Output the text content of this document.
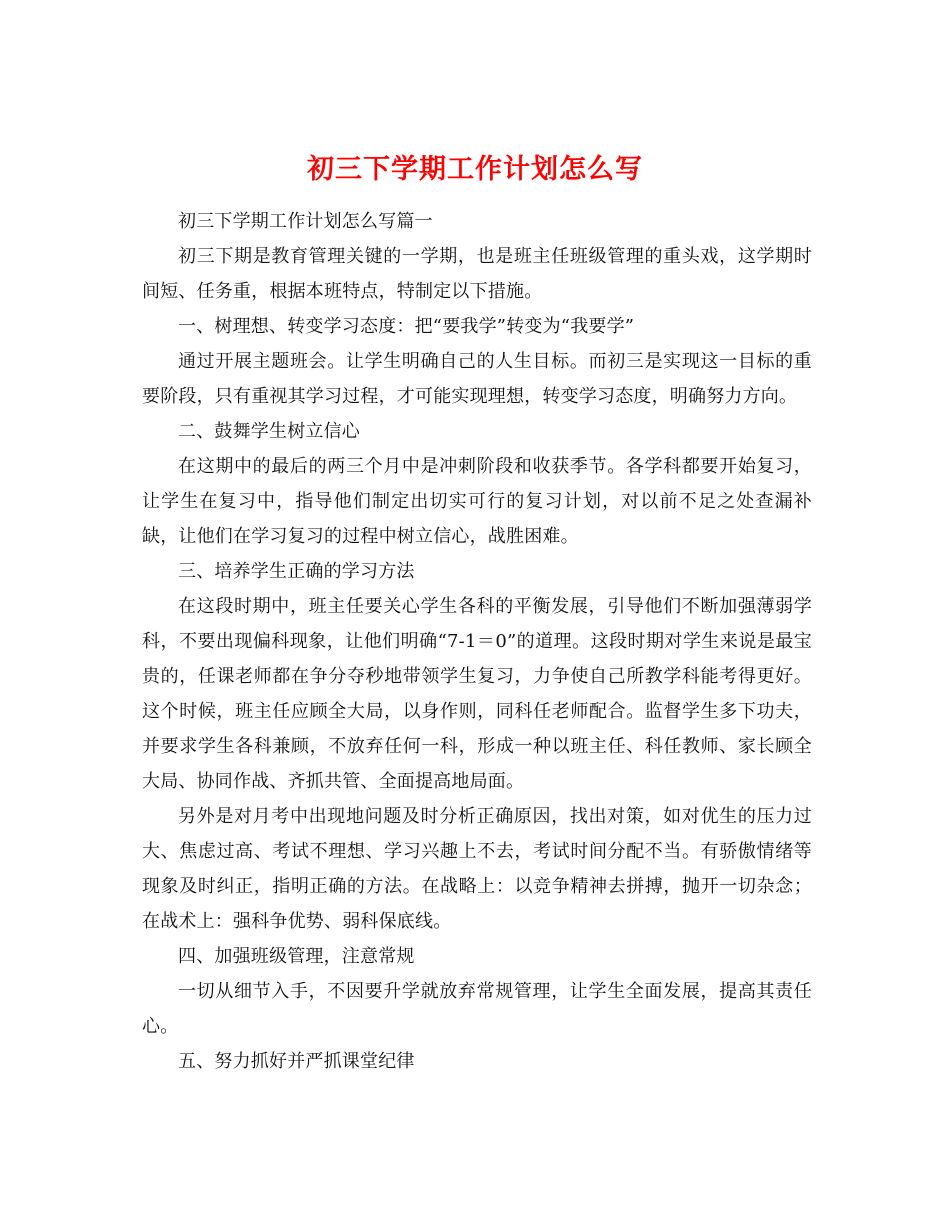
初三下学期工作计划怎么写

初三下学期工作计划怎么写篇一

初三下期是教育管理关键的一学期，也是班主任班级管理的重头戏，这学期时间短、任务重，根据本班特点，特制定以下措施。

一、树理想、转变学习态度：把“要我学”转变为“我要学”

通过开展主题班会。让学生明确自己的人生目标。而初三是实现这一目标的重要阶段，只有重视其学习过程，才可能实现理想，转变学习态度，明确努力方向。

二、鼓舞学生树立信心

在这期中的最后的两三个月中是冲刺阶段和收获季节。各学科都要开始复习，让学生在复习中，指导他们制定出切实可行的复习计划，对以前不足之处查漏补缺，让他们在学习复习的过程中树立信心，战胜困难。

三、培养学生正确的学习方法

在这段时期中，班主任要关心学生各科的平衡发展，引导他们不断加强薄弱学科，不要出现偏科现象，让他们明确“7-1＝0”的道理。这段时期对学生来说是最宝贵的，任课老师都在争分夺秒地带领学生复习，力争使自己所教学科能考得更好。这个时候，班主任应顾全大局，以身作则，同科任老师配合。监督学生多下功夫，并要求学生各科兼顾，不放弃任何一科，形成一种以班主任、科任教师、家长顾全大局、协同作战、齐抓共管、全面提高地局面。

另外是对月考中出现地问题及时分析正确原因，找出对策，如对优生的压力过大、焦虑过高、考试不理想、学习兴趣上不去，考试时间分配不当。有骄傲情绪等现象及时纠正，指明正确的方法。在战略上：以竞争精神去拼搏，抛开一切杂念；在战术上：强科争优势、弱科保底线。

四、加强班级管理，注意常规

一切从细节入手，不因要升学就放弃常规管理，让学生全面发展，提高其责任心。

五、努力抓好并严抓课堂纪律
